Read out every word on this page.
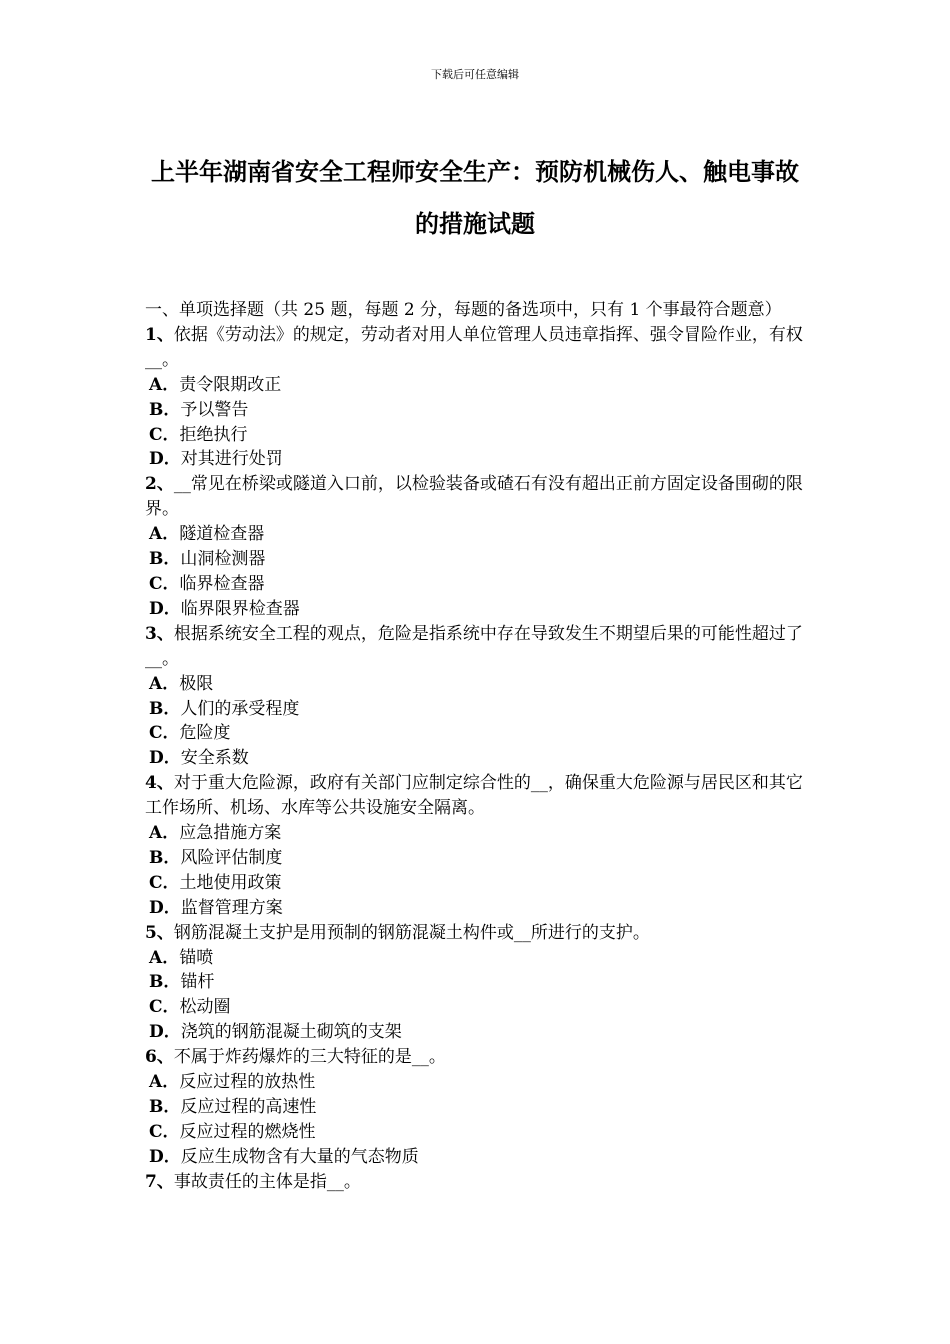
下载后可任意编辑
上半年湖南省安全工程师安全生产：预防机械伤人、触电事故的措施试题

一、单项选择题（共 25 题，每题 2 分，每题的备选项中，只有 1 个事最符合题意）

1、依据《劳动法》的规定，劳动者对用人单位管理人员违章指挥、强令冒险作业，有权__。

A．责令限期改正

B．予以警告

C．拒绝执行

D．对其进行处罚

2、__常见在桥梁或隧道入口前，以检验装备或碴石有没有超出正前方固定设备围砌的限界。

A．隧道检查器

B．山洞检测器

C．临界检查器

D．临界限界检查器

3、根据系统安全工程的观点，危险是指系统中存在导致发生不期望后果的可能性超过了__。

A．极限

B．人们的承受程度

C．危险度

D．安全系数

4、对于重大危险源，政府有关部门应制定综合性的__，确保重大危险源与居民区和其它工作场所、机场、水库等公共设施安全隔离。

A．应急措施方案

B．风险评估制度

C．土地使用政策

D．监督管理方案

5、钢筋混凝土支护是用预制的钢筋混凝土构件或__所进行的支护。

A．锚喷

B．锚杆

C．松动圈

D．浇筑的钢筋混凝土砌筑的支架

6、不属于炸药爆炸的三大特征的是__。

A．反应过程的放热性

B．反应过程的高速性

C．反应过程的燃烧性

D．反应生成物含有大量的气态物质

7、事故责任的主体是指__。
